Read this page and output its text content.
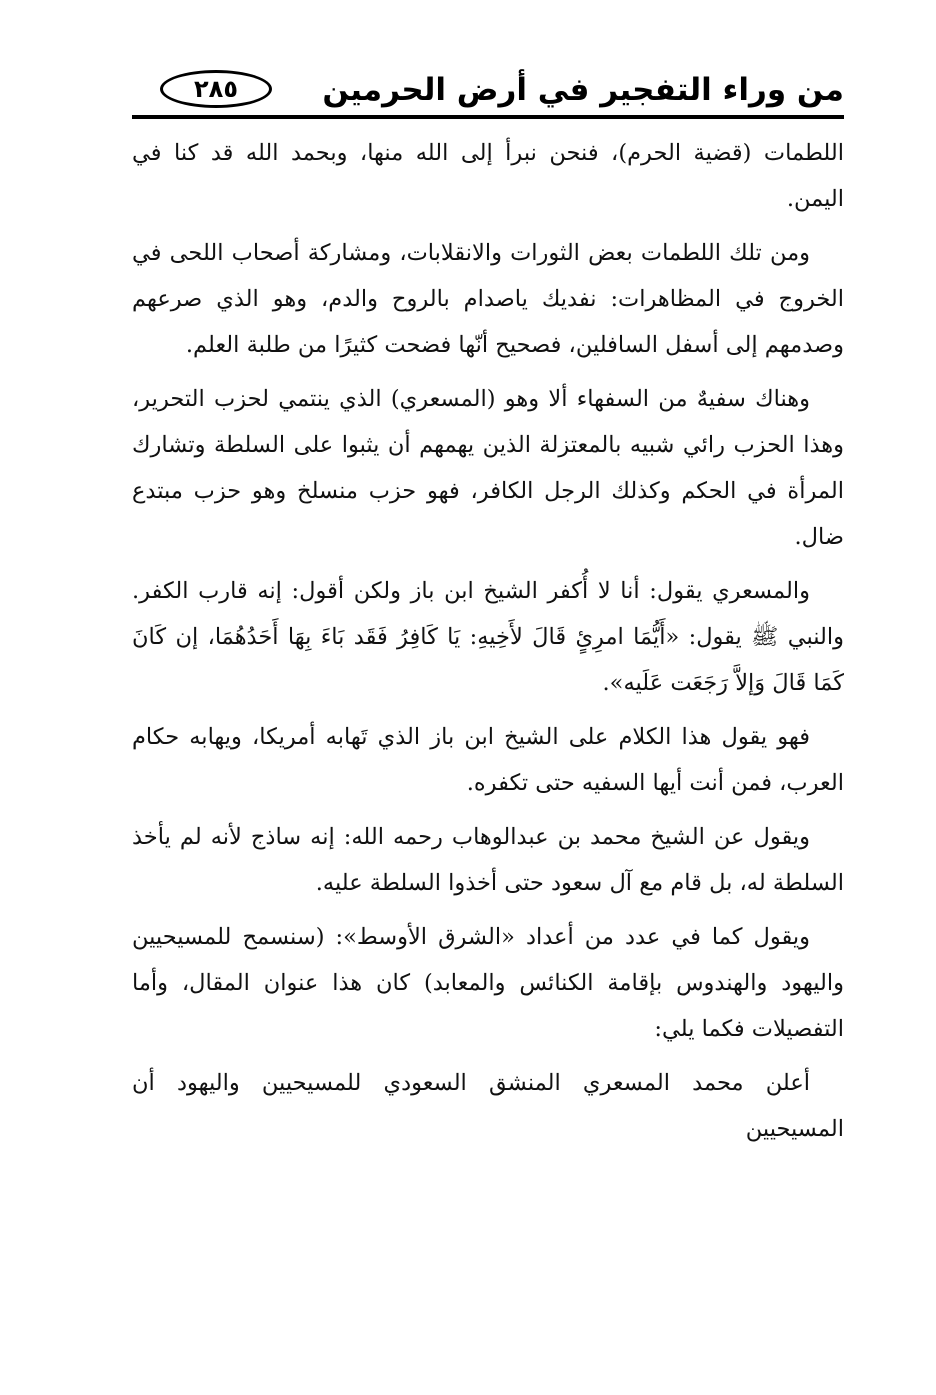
من وراء التفجير في أرض الحرمين
٢٨٥

اللطمات (قضية الحرم)، فنحن نبرأ إلى الله منها، وبحمد الله قد كنا في اليمن.

ومن تلك اللطمات بعض الثورات والانقلابات، ومشاركة أصحاب اللحى في الخروج في المظاهرات: نفديك ياصدام بالروح والدم، وهو الذي صرعهم وصدمهم إلى أسفل السافلين، فصحيح أنّها فضحت كثيرًا من طلبة العلم.

وهناك سفيهٌ من السفهاء ألا وهو (المسعري) الذي ينتمي لحزب التحرير، وهذا الحزب رائي شبيه بالمعتزلة الذين يهمهم أن يثبوا على السلطة وتشارك المرأة في الحكم وكذلك الرجل الكافر، فهو حزب منسلخ وهو حزب مبتدع ضال.

والمسعري يقول: أنا لا أُكفر الشيخ ابن باز ولكن أقول: إنه قارب الكفر. والنبي ﷺ يقول: «أَيُّمَا امرِئٍ قَالَ لأَخِيهِ: يَا كَافِرُ فَقَد بَاءَ بِهَا أَحَدُهُمَا، إن كَانَ كَمَا قَالَ وَإلاَّ رَجَعَت عَلَيه».

فهو يقول هذا الكلام على الشيخ ابن باز الذي تَهابه أمريكا، ويهابه حكام العرب، فمن أنت أيها السفيه حتى تكفره.

ويقول عن الشيخ محمد بن عبدالوهاب رحمه الله: إنه ساذج لأنه لم يأخذ السلطة له، بل قام مع آل سعود حتى أخذوا السلطة عليه.

ويقول كما في عدد من أعداد «الشرق الأوسط»: (سنسمح للمسيحيين واليهود والهندوس بإقامة الكنائس والمعابد) كان هذا عنوان المقال، وأما التفصيلات فكما يلي:

أعلن محمد المسعري المنشق السعودي للمسيحيين واليهود أن المسيحيين
